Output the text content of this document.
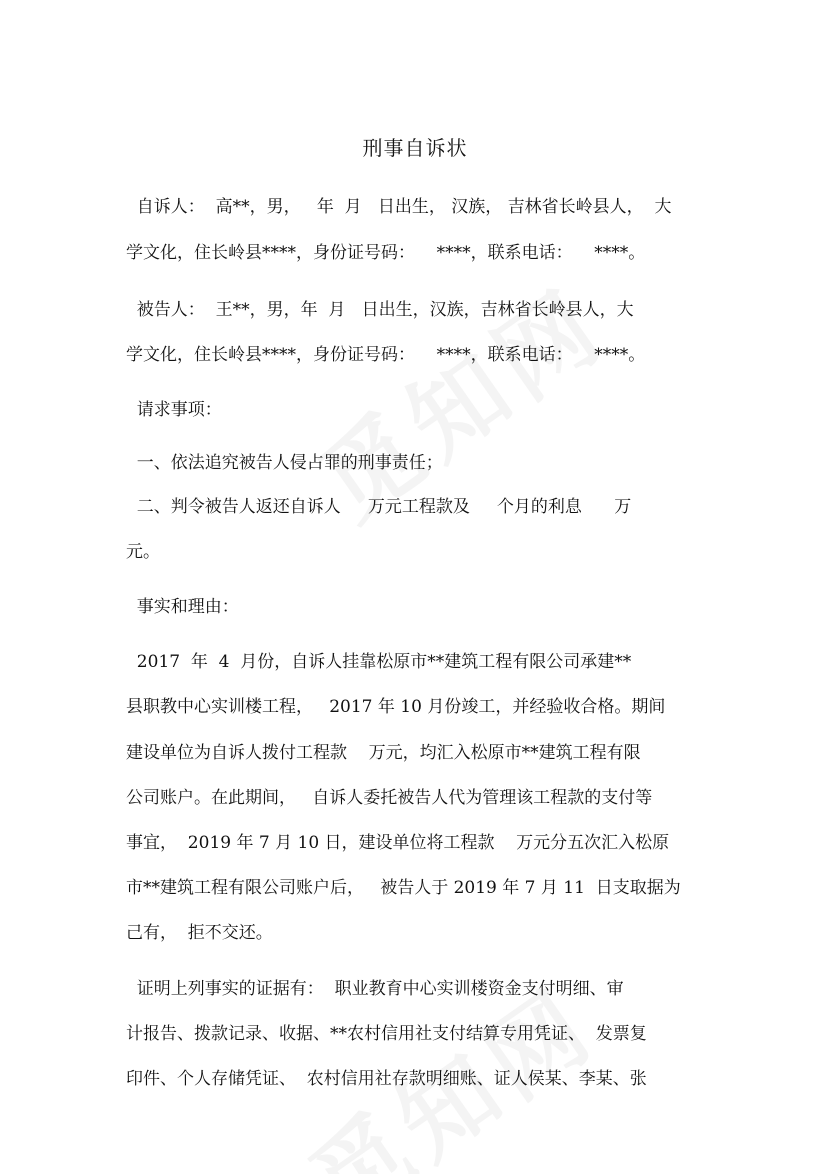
刑事自诉状
自诉人：  高**，男，   年  月   日出生， 汉族， 吉林省长岭县人，  大
学文化，住长岭县****，身份证号码：    ****，联系电话：    ****。
被告人：  王**，男，年  月   日出生，汉族，吉林省长岭县人，大
学文化，住长岭县****，身份证号码：    ****，联系电话：    ****。
请求事项：
一、依法追究被告人侵占罪的刑事责任；
二、判令被告人返还自诉人     万元工程款及     个月的利息      万
元。
事实和理由：
2017  年  4  月份，自诉人挂靠松原市**建筑工程有限公司承建**
县职教中心实训楼工程，   2017 年 10 月份竣工，并经验收合格。期间
建设单位为自诉人拨付工程款    万元，均汇入松原市**建筑工程有限
公司账户。在此期间，   自诉人委托被告人代为管理该工程款的支付等
事宜，  2019 年 7 月 10 日，建设单位将工程款    万元分五次汇入松原
市**建筑工程有限公司账户后，   被告人于 2019 年 7 月 11  日支取据为
己有，  拒不交还。
证明上列事实的证据有：  职业教育中心实训楼资金支付明细、审
计报告、拨款记录、收据、**农村信用社支付结算专用凭证、  发票复
印件、个人存储凭证、  农村信用社存款明细账、证人侯某、李某、张
